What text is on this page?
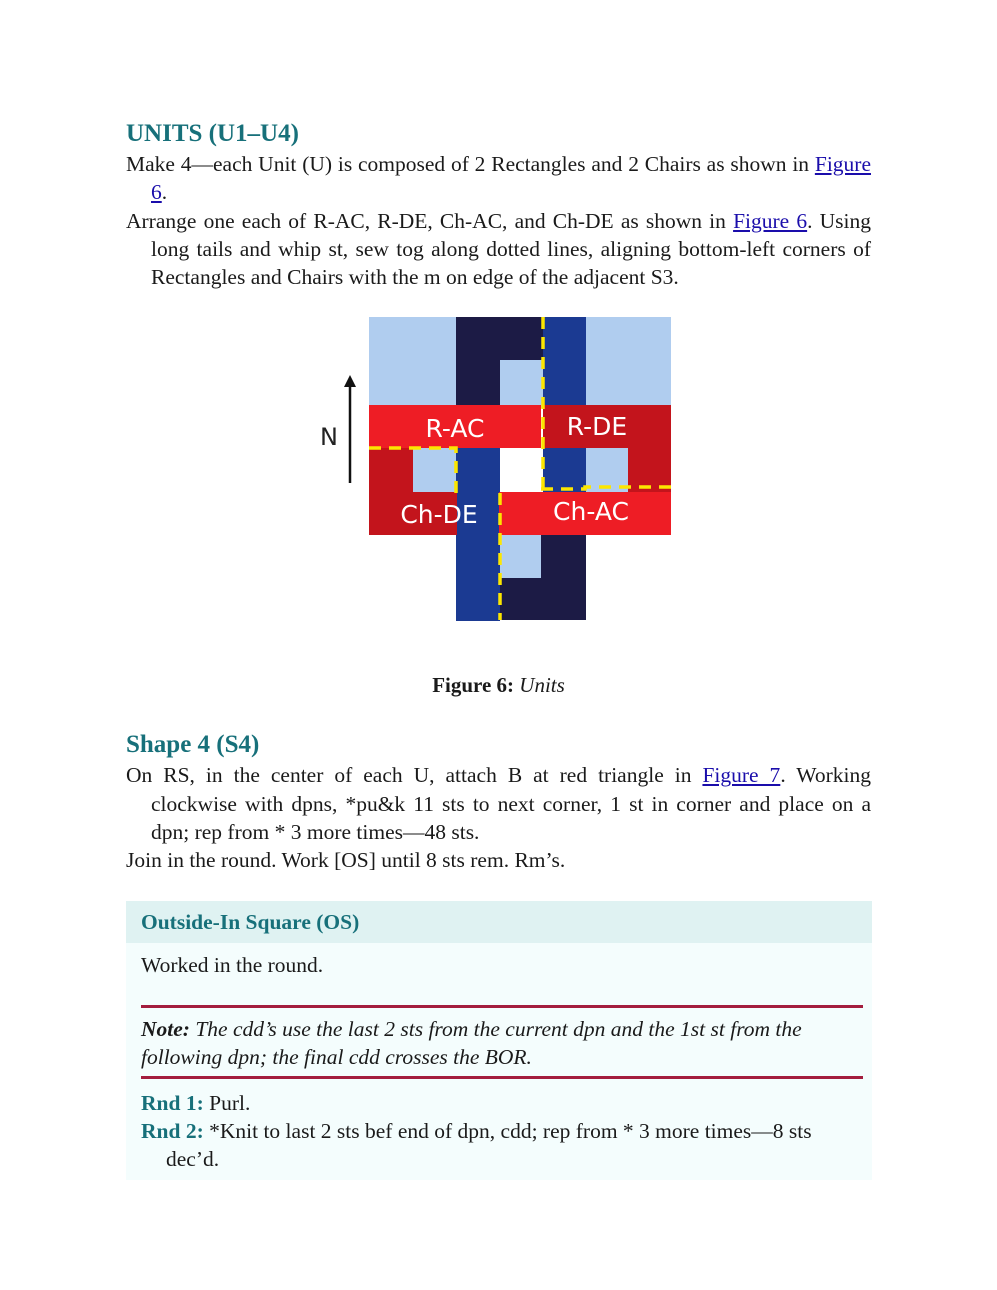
UNITS (U1–U4)

Make 4—each Unit (U) is composed of 2 Rectangles and 2 Chairs as shown in Figure 6.

Arrange one each of R-AC, R-DE, Ch-AC, and Ch-DE as shown in Figure 6. Using long tails and whip st, sew tog along dotted lines, aligning bottom-left corners of Rectangles and Chairs with the m on edge of the adjacent S3.

N	R-AC	R-DE
Ch-DE	Ch-AC
Figure 6: Units
Shape 4 (S4)

On RS, in the center of each U, attach B at red triangle in Figure 7. Working clockwise with dpns, *pu&k 11 sts to next corner, 1 st in corner and place on a dpn; rep from * 3 more times—48 sts.

Join in the round. Work [OS] until 8 sts rem. Rm’s.

Outside-In Square (OS)
Worked in the round.
Note: The cdd’s use the last 2 sts from the current dpn and the 1st st from the following dpn; the final cdd crosses the BOR.
Rnd 1: Purl.
Rnd 2: *Knit to last 2 sts bef end of dpn, cdd; rep from * 3 more times—8 sts dec’d.
